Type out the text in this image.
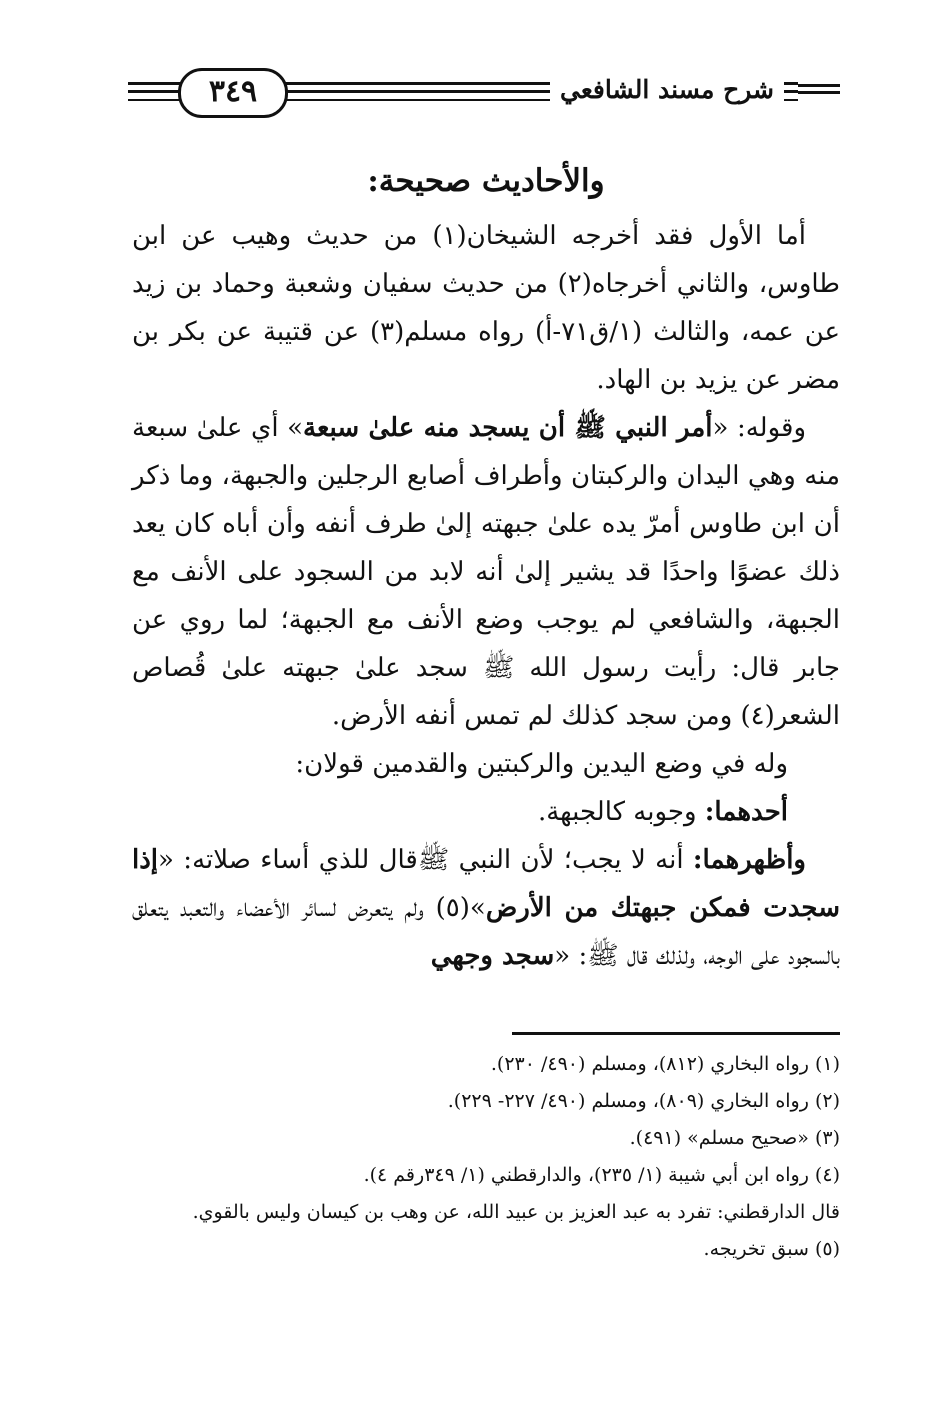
شرح مسند الشافعي
٣٤٩

والأحاديث صحيحة:

أما الأول فقد أخرجه الشيخان(١) من حديث وهيب عن ابن طاوس، والثاني أخرجاه(٢) من حديث سفيان وشعبة وحماد بن زيد عن عمه، والثالث (١/ق٧١-أ) رواه مسلم(٣) عن قتيبة عن بكر بن مضر عن يزيد بن الهاد.

وقوله: «أمر النبي ﷺ أن يسجد منه علىٰ سبعة» أي علىٰ سبعة منه وهي اليدان والركبتان وأطراف أصابع الرجلين والجبهة، وما ذكر أن ابن طاوس أمرّ يده علىٰ جبهته إلىٰ طرف أنفه وأن أباه كان يعد ذلك عضوًا واحدًا قد يشير إلىٰ أنه لابد من السجود على الأنف مع الجبهة، والشافعي لم يوجب وضع الأنف مع الجبهة؛ لما روي عن جابر قال: رأيت رسول الله ﷺ سجد علىٰ جبهته علىٰ قُصاص الشعر(٤) ومن سجد كذلك لم تمس أنفه الأرض.

وله في وضع اليدين والركبتين والقدمين قولان:

أحدهما: وجوبه كالجبهة.

وأظهرهما: أنه لا يجب؛ لأن النبي ﷺقال للذي أساء صلاته: «إذا سجدت فمكن جبهتك من الأرض»(٥) ولم يتعرض لسائر الأعضاء والتعبد يتعلق بالسجود على الوجه، ولذلك قال ﷺ: «سجد وجهي

(١) رواه البخاري (٨١٢)، ومسلم (٤٩٠/ ٢٣٠).

(٢) رواه البخاري (٨٠٩)، ومسلم (٤٩٠/ ٢٢٧- ٢٢٩).

(٣) «صحيح مسلم» (٤٩١).

(٤) رواه ابن أبي شيبة (١/ ٢٣٥)، والدارقطني (١/ ٣٤٩رقم ٤).

قال الدارقطني: تفرد به عبد العزيز بن عبيد الله، عن وهب بن كيسان وليس بالقوي.

(٥) سبق تخريجه.
